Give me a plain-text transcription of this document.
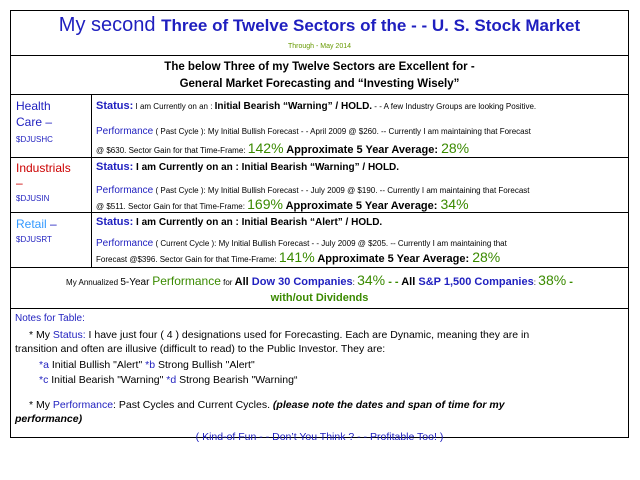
My second Three of Twelve Sectors of the - - U. S. Stock Market
Through - May 2014
The below Three of my Twelve Sectors are Excellent for -
General Market Forecasting and “Investing Wisely”
Health
Care –
$DJUSHC
Status: I am Currently on an : Initial Bearish “Warning” / HOLD. - - A few Industry Groups are looking Positive.
Performance ( Past Cycle ): My Initial Bullish Forecast - - April 2009 @ $260. -- Currently I am maintaining that Forecast
@ $630. Sector Gain for that Time-Frame: 142% Approximate 5 Year Average: 28%
Industrials
–
$DJUSIN
Status: I am Currently on an : Initial Bearish “Warning” / HOLD.
Performance ( Past Cycle ): My Initial Bullish Forecast - - July 2009 @ $190. -- Currently I am maintaining that Forecast
@ $511. Sector Gain for that Time-Frame: 169% Approximate 5 Year Average: 34%
Retail –
$DJUSRT
Status: I am Currently on an : Initial Bearish “Alert” / HOLD.
Performance ( Current Cycle ): My Initial Bullish Forecast - - July 2009 @ $205. -- Currently I am maintaining that
Forecast @$396. Sector Gain for that Time-Frame: 141% Approximate 5 Year Average: 28%
My Annualized 5-Year Performance for All Dow 30 Companies: 34% - - All S&P 1,500 Companies: 38% -
with/out Dividends
Notes for Table:
* My Status: I have just four ( 4 ) designations used for Forecasting. Each are Dynamic, meaning they are in
transition and often are illusive (difficult to read) to the Public Investor. They are:
*a Initial Bullish "Alert" *b Strong Bullish "Alert"
*c Initial Bearish "Warning" *d Strong Bearish "Warning“
* My Performance: Past Cycles and Current Cycles. (please note the dates and span of time for my
performance)
( Kind-of Fun - - Don’t You Think ? - - Profitable Too! )
